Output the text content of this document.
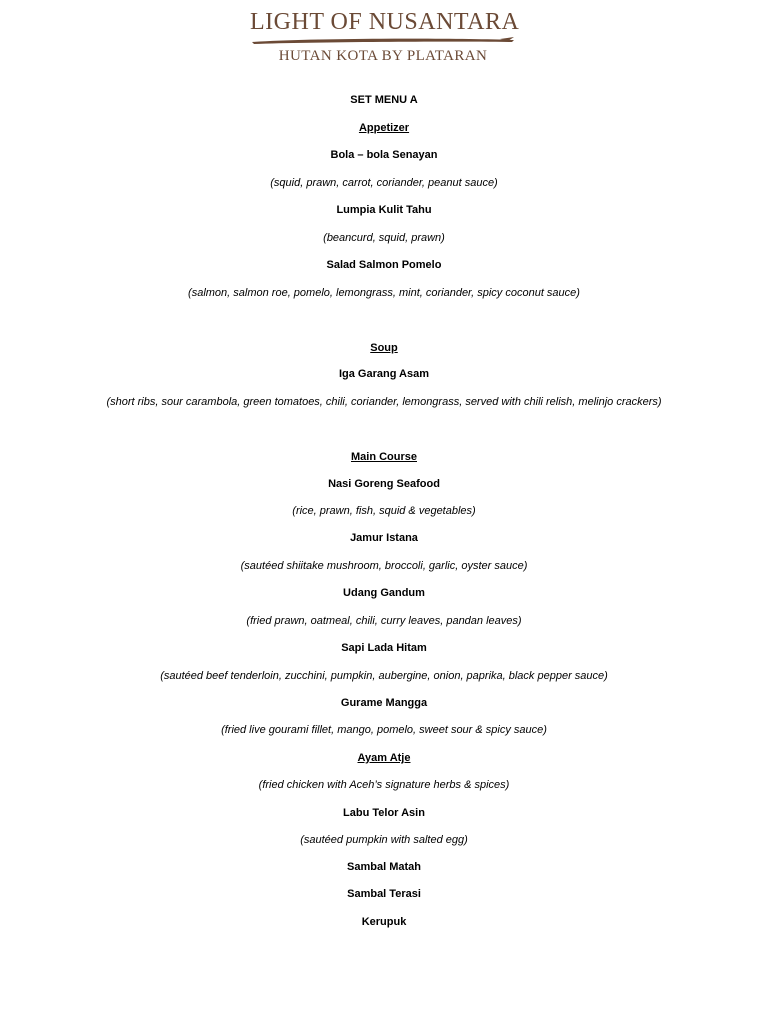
LIGHT OF NUSANTARA
HUTAN KOTA BY PLATARAN
SET MENU A
Appetizer
Bola – bola Senayan
(squid, prawn, carrot, coriander, peanut sauce)
Lumpia Kulit Tahu
(beancurd, squid, prawn)
Salad Salmon Pomelo
(salmon, salmon roe, pomelo, lemongrass, mint, coriander, spicy coconut sauce)
Soup
Iga Garang Asam
(short ribs, sour carambola, green tomatoes, chili, coriander, lemongrass, served with chili relish, melinjo crackers)
Main Course
Nasi Goreng Seafood
(rice, prawn, fish, squid & vegetables)
Jamur Istana
(sautéed shiitake mushroom, broccoli, garlic, oyster sauce)
Udang Gandum
(fried prawn, oatmeal, chili, curry leaves, pandan leaves)
Sapi Lada Hitam
(sautéed beef tenderloin, zucchini, pumpkin, aubergine, onion, paprika, black pepper sauce)
Gurame Mangga
(fried live gourami fillet, mango, pomelo, sweet sour & spicy sauce)
Ayam Atje
(fried chicken with Aceh’s signature herbs & spices)
Labu Telor Asin
(sautéed pumpkin with salted egg)
Sambal Matah
Sambal Terasi
Kerupuk
